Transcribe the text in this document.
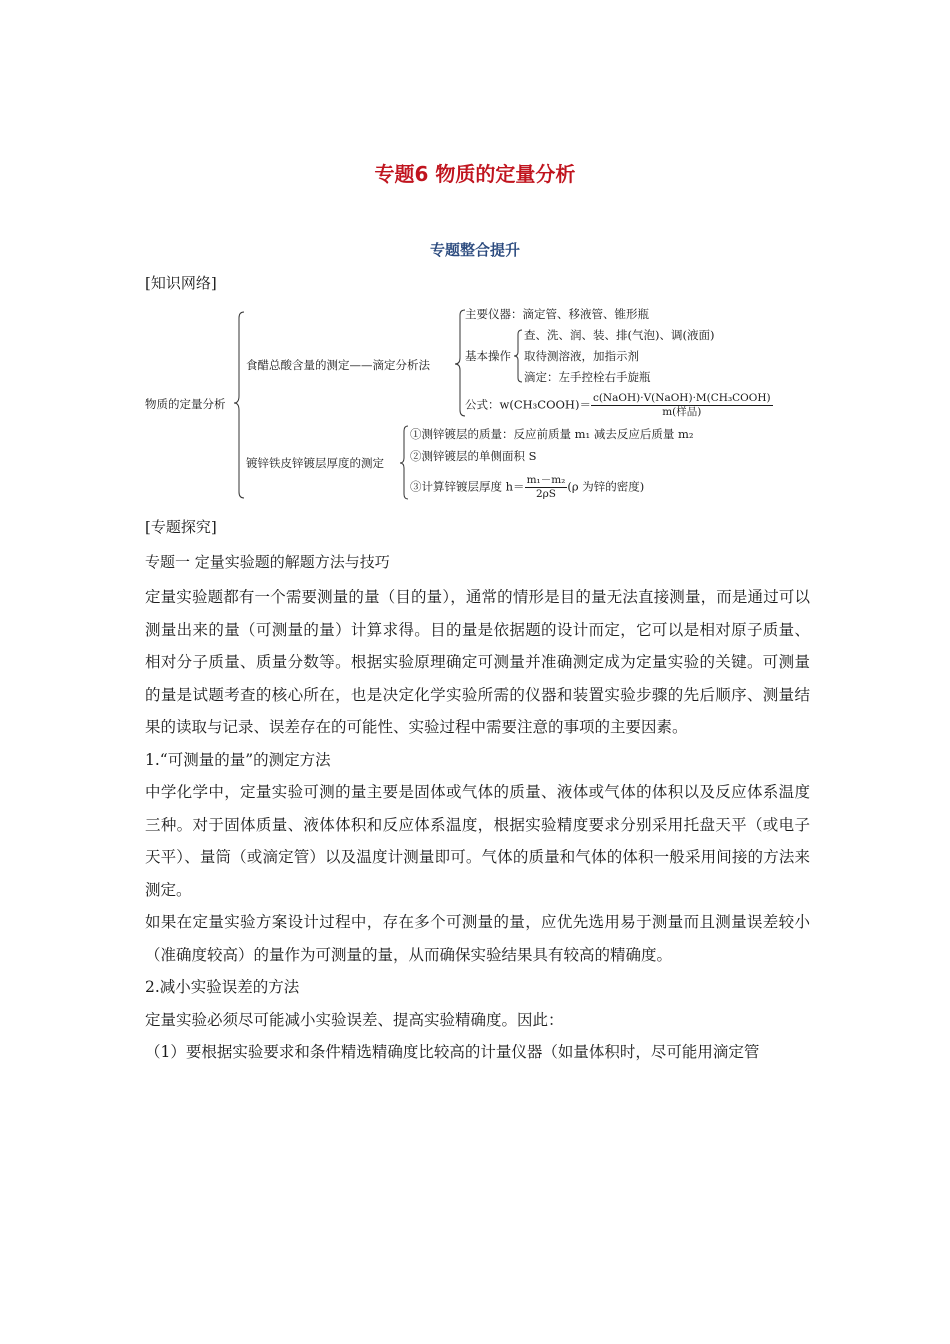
专题6 物质的定量分析
专题整合提升
[知识网络]
物质的定量分析
食醋总酸含量的测定——滴定分析法
主要仪器：滴定管、移液管、锥形瓶
基本操作
查、洗、润、装、排(气泡)、调(液面)
取待测溶液，加指示剂
滴定：左手控栓右手旋瓶
公式：w(CH₃COOH)＝ $\frac{\text{c(NaOH)·V(NaOH)·M(CH₃COOH)}}{\text{m(样品)}}$
镀锌铁皮锌镀层厚度的测定
①测锌镀层的质量：反应前质量 m₁ 减去反应后质量 m₂
②测锌镀层的单侧面积 S
③计算锌镀层厚度 $h= \frac{\text{m₁－m₂}}{2\rho S} (\rho$ 为锌的密度)
[专题探究]
专题一 定量实验题的解题方法与技巧

定量实验题都有一个需要测量的量（目的量），通常的情形是目的量无法直接测量，而是通过可以测量出来的量（可测量的量）计算求得。目的量是依据题的设计而定，它可以是相对原子质量、相对分子质量、质量分数等。根据实验原理确定可测量并准确测定成为定量实验的关键。可测量的量是试题考查的核心所在，也是决定化学实验所需的仪器和装置实验步骤的先后顺序、测量结果的读取与记录、误差存在的可能性、实验过程中需要注意的事项的主要因素。

1.“可测量的量”的测定方法

中学化学中，定量实验可测的量主要是固体或气体的质量、液体或气体的体积以及反应体系温度三种。对于固体质量、液体体积和反应体系温度，根据实验精度要求分别采用托盘天平（或电子天平）、量筒（或滴定管）以及温度计测量即可。气体的质量和气体的体积一般采用间接的方法来测定。

如果在定量实验方案设计过程中，存在多个可测量的量，应优先选用易于测量而且测量误差较小（准确度较高）的量作为可测量的量，从而确保实验结果具有较高的精确度。

2.减小实验误差的方法

定量实验必须尽可能减小实验误差、提高实验精确度。因此：

（1）要根据实验要求和条件精选精确度比较高的计量仪器（如量体积时，尽可能用滴定管
